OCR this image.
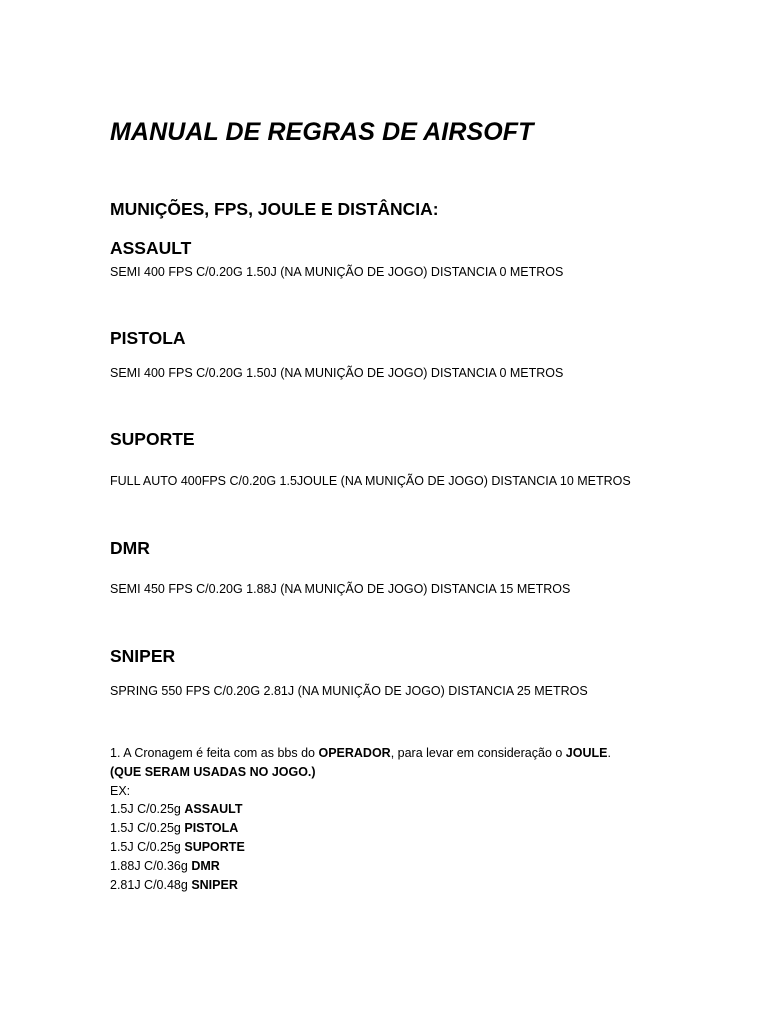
MANUAL DE REGRAS DE AIRSOFT
MUNIÇÕES, FPS, JOULE E DISTÂNCIA:
ASSAULT
SEMI 400 FPS C/0.20G 1.50J (NA MUNIÇÃO DE JOGO) DISTANCIA 0 METROS
PISTOLA
SEMI 400 FPS C/0.20G 1.50J (NA MUNIÇÃO DE JOGO) DISTANCIA 0 METROS
SUPORTE
FULL AUTO 400FPS C/0.20G 1.5JOULE (NA MUNIÇÃO DE JOGO) DISTANCIA 10 METROS
DMR
SEMI 450 FPS C/0.20G 1.88J (NA MUNIÇÃO DE JOGO) DISTANCIA 15 METROS
SNIPER
SPRING 550 FPS C/0.20G 2.81J (NA MUNIÇÃO DE JOGO) DISTANCIA 25 METROS
1. A Cronagem é feita com as bbs do OPERADOR, para levar em consideração o JOULE.
(QUE SERAM USADAS NO JOGO.)
EX:
1.5J C/0.25g ASSAULT
1.5J C/0.25g PISTOLA
1.5J C/0.25g SUPORTE
1.88J C/0.36g DMR
2.81J C/0.48g SNIPER
